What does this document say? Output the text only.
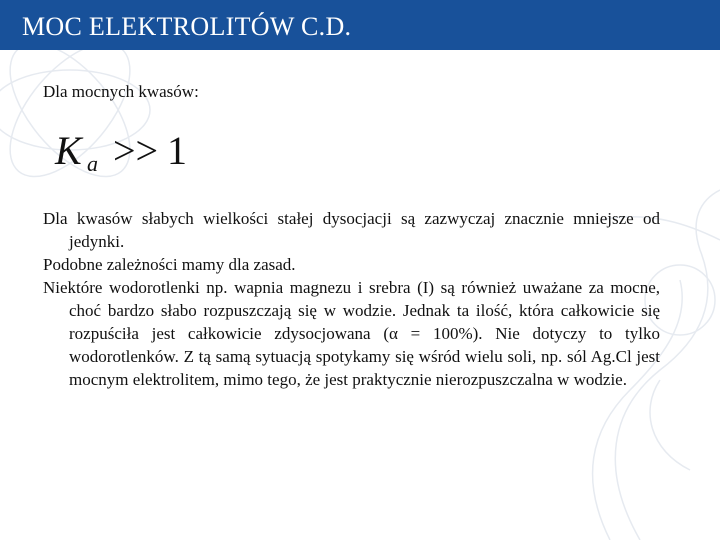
MOC ELEKTROLITÓW C.D.

Dla mocnych kwasów:

K a >> 1

Dla kwasów słabych wielkości stałej dysocjacji są zazwyczaj znacznie mniejsze od jedynki.

Podobne zależności mamy dla zasad.

Niektóre wodorotlenki np. wapnia magnezu i srebra (I) są również uważane za mocne, choć bardzo słabo rozpuszczają się w wodzie. Jednak ta ilość, która całkowicie się rozpuściła jest całkowicie zdysocjowana (α = 100%). Nie dotyczy to tylko wodorotlenków. Z tą samą sytuacją spotykamy się wśród wielu soli, np. sól Ag.Cl jest mocnym elektrolitem, mimo tego, że jest praktycznie nierozpuszczalna w wodzie.
